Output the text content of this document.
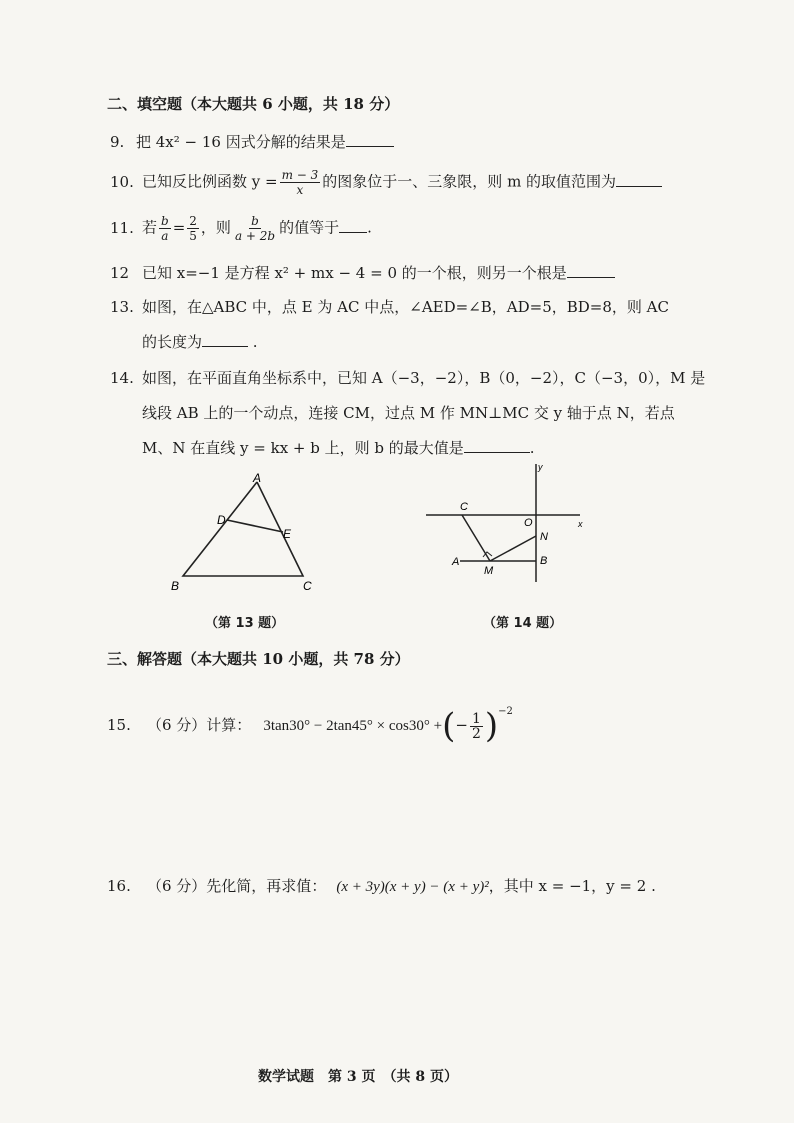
二、填空题（本大题共 6 小题，共 18 分）
9. 把 4x² − 16 因式分解的结果是
10. 已知反比例函数 $y = \frac{m - 3}{x}$ 的图象位于一、三象限，则 m 的取值范围为
11. 若 $\frac{b}{a} = \frac{2}{5}$ ，则 $\frac{b}{a + 2b}$ 的值等于 .
12 已知 x=−1 是方程 x² + mx − 4 = 0 的一个根，则另一个根是
13. 如图，在△ABC 中，点 E 为 AC 中点，∠AED=∠B，AD=5，BD=8，则 AC
的长度为	.
14. 如图，在平面直角坐标系中，已知 A（−3，−2），B（0，−2），C（−3，0），M 是
线段 AB 上的一个动点，连接 CM，过点 M 作 MN⊥MC 交 y 轴于点 N，若点
M、N 在直线 y = kx + b 上，则 b 的最大值是	.
A
D
E
B	C
（第 13 题）
y
x
C
O
N
A
M
B
（第 14 题）
三、解答题（本大题共 10 小题，共 78 分）
15. （6 分）计算： 3tan30° − 2tan45° × cos30° +(− $\frac{1}{2} )^{-2}$
16. （6 分）先化简，再求值： (x + 3y)(x + y) − (x + y)²，其中 x = −1，y = 2 .
数学试题　第 3 页　（共 8 页）
